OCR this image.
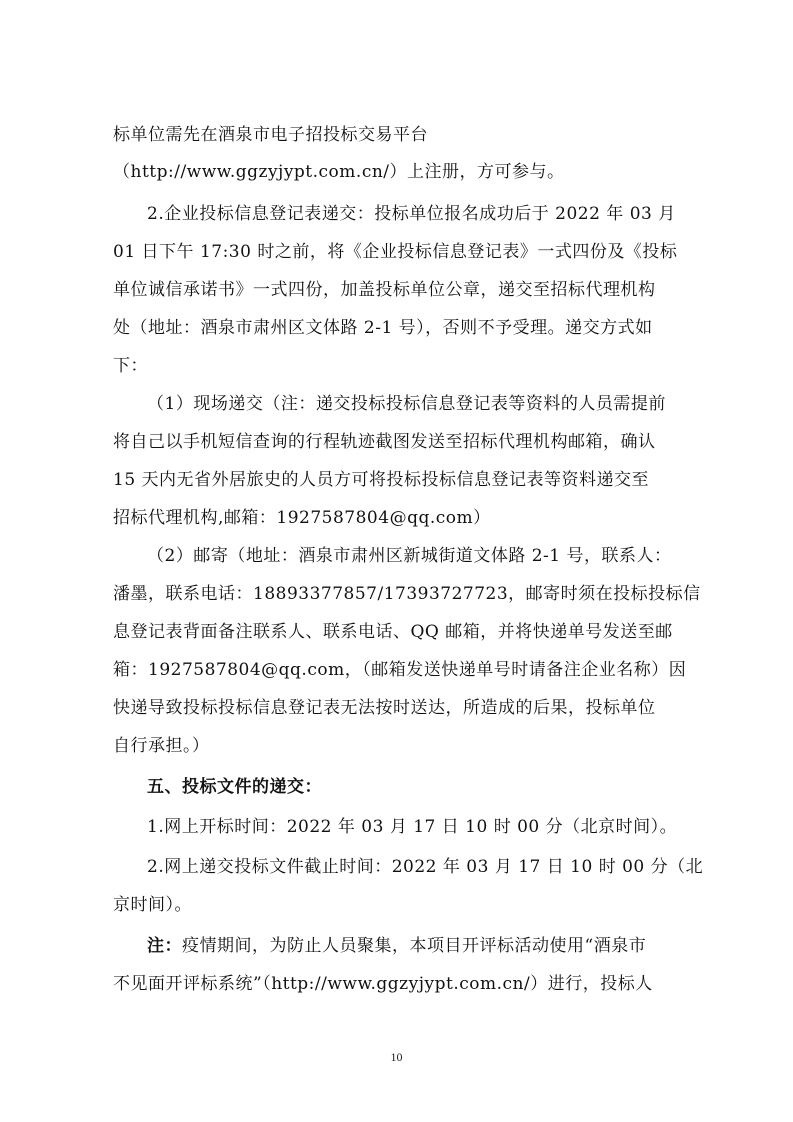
标单位需先在酒泉市电子招投标交易平台
（http://www.ggzyjypt.com.cn/）上注册，方可参与。
2.企业投标信息登记表递交：投标单位报名成功后于 2022 年 03 月
01 日下午 17:30 时之前，将《企业投标信息登记表》一式四份及《投标
单位诚信承诺书》一式四份，加盖投标单位公章，递交至招标代理机构
处（地址：酒泉市肃州区文体路 2-1 号），否则不予受理。递交方式如
下：
（1）现场递交（注：递交投标投标信息登记表等资料的人员需提前
将自己以手机短信查询的行程轨迹截图发送至招标代理机构邮箱，确认
15 天内无省外居旅史的人员方可将投标投标信息登记表等资料递交至
招标代理机构,邮箱：1927587804@qq.com）
（2）邮寄（地址：酒泉市肃州区新城街道文体路 2-1 号，联系人：
潘墨，联系电话：18893377857/17393727723，邮寄时须在投标投标信
息登记表背面备注联系人、联系电话、QQ 邮箱，并将快递单号发送至邮
箱：1927587804@qq.com，（邮箱发送快递单号时请备注企业名称）因
快递导致投标投标信息登记表无法按时送达，所造成的后果，投标单位
自行承担。）
五、投标文件的递交：
1.网上开标时间：2022 年 03 月 17 日 10 时 00 分（北京时间）。
2.网上递交投标文件截止时间：2022 年 03 月 17 日 10 时 00 分（北
京时间）。
注：疫情期间，为防止人员聚集，本项目开评标活动使用“酒泉市
不见面开评标系统”（http://www.ggzyjypt.com.cn/）进行，投标人
10
